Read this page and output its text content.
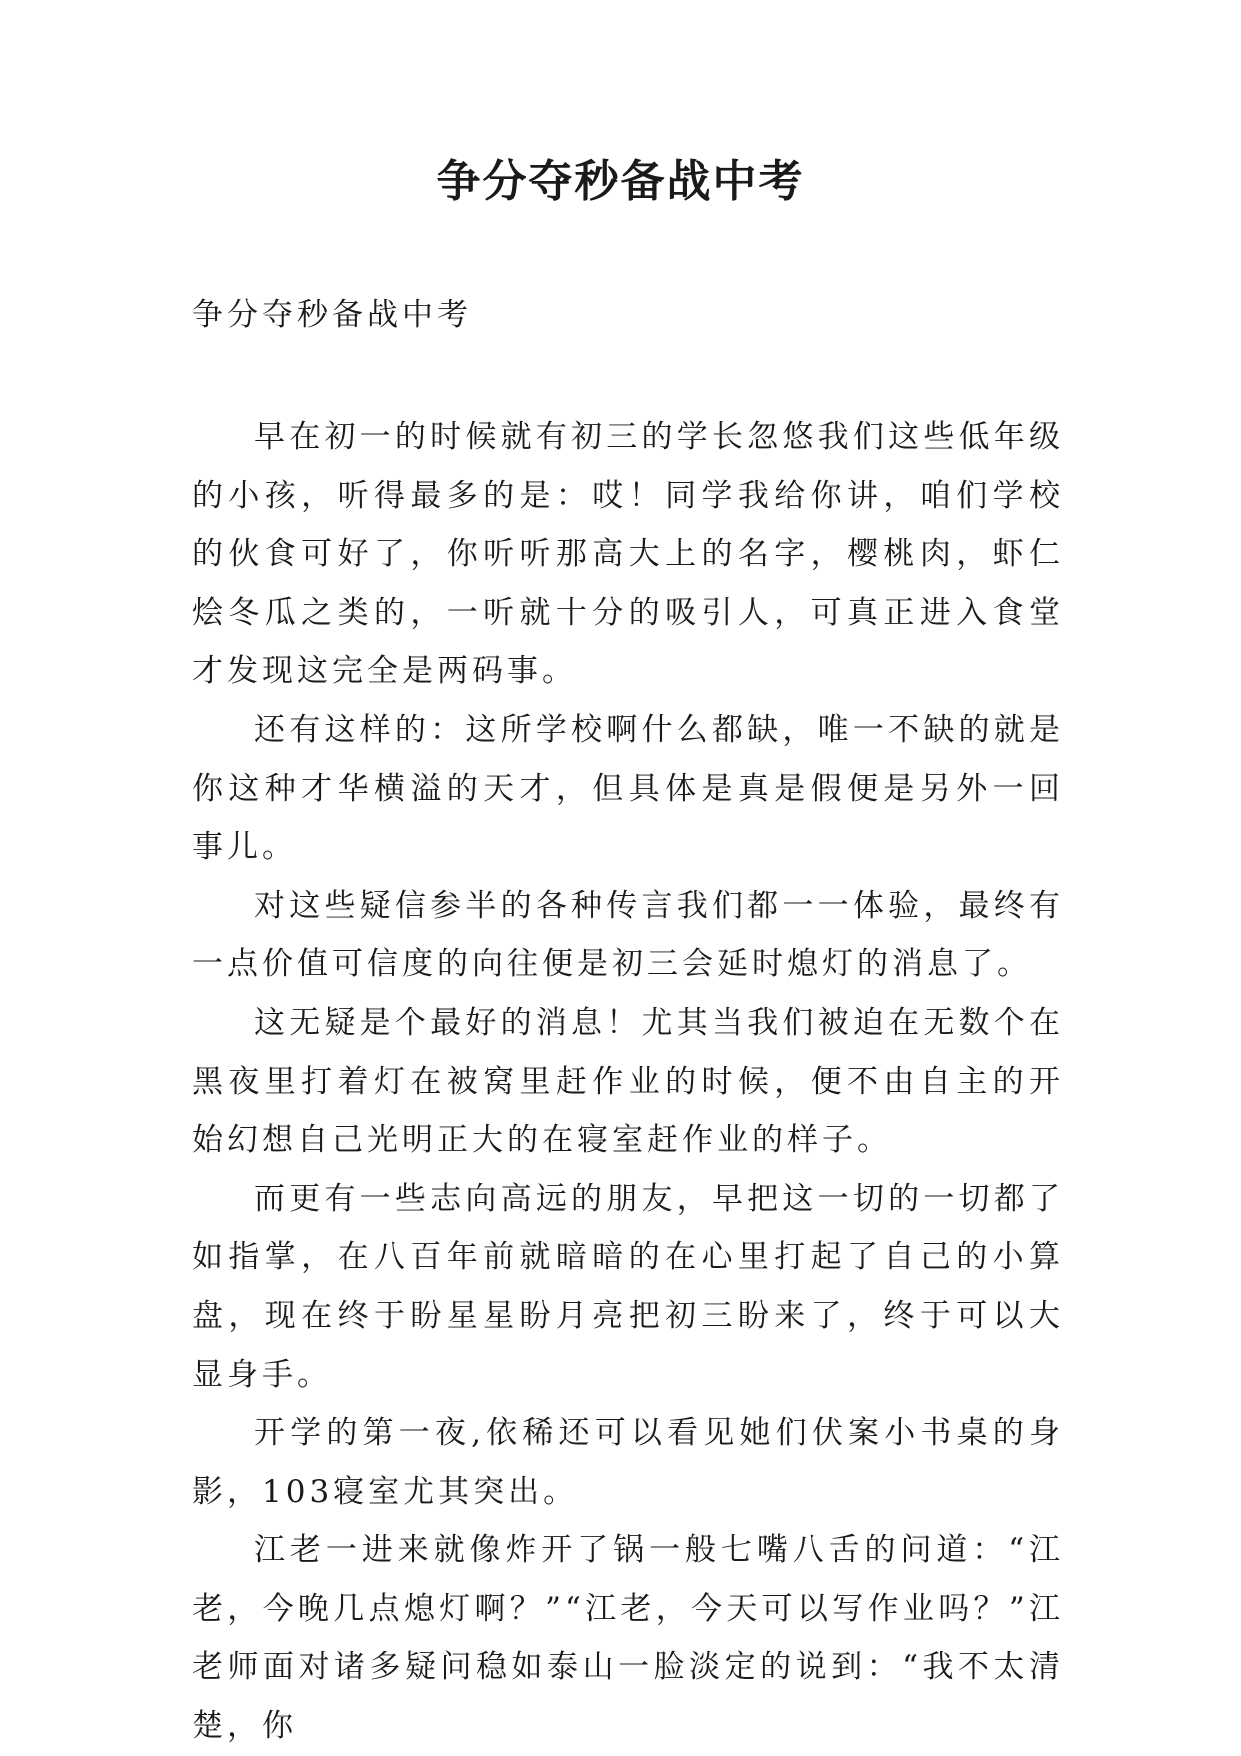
争分夺秒备战中考

争分夺秒备战中考

早在初一的时候就有初三的学长忽悠我们这些低年级的小孩，听得最多的是：哎！同学我给你讲，咱们学校的伙食可好了，你听听那高大上的名字，樱桃肉，虾仁烩冬瓜之类的，一听就十分的吸引人，可真正进入食堂才发现这完全是两码事。

还有这样的：这所学校啊什么都缺，唯一不缺的就是你这种才华横溢的天才，但具体是真是假便是另外一回事儿。

对这些疑信参半的各种传言我们都一一体验，最终有一点价值可信度的向往便是初三会延时熄灯的消息了。

这无疑是个最好的消息！尤其当我们被迫在无数个在黑夜里打着灯在被窝里赶作业的时候，便不由自主的开始幻想自己光明正大的在寝室赶作业的样子。

而更有一些志向高远的朋友，早把这一切的一切都了如指掌，在八百年前就暗暗的在心里打起了自己的小算盘，现在终于盼星星盼月亮把初三盼来了，终于可以大显身手。

开学的第一夜,依稀还可以看见她们伏案小书桌的身影，103寝室尤其突出。

江老一进来就像炸开了锅一般七嘴八舌的问道：“江老，今晚几点熄灯啊？”“江老，今天可以写作业吗？”江老师面对诸多疑问稳如泰山一脸淡定的说到：“我不太清楚，你
